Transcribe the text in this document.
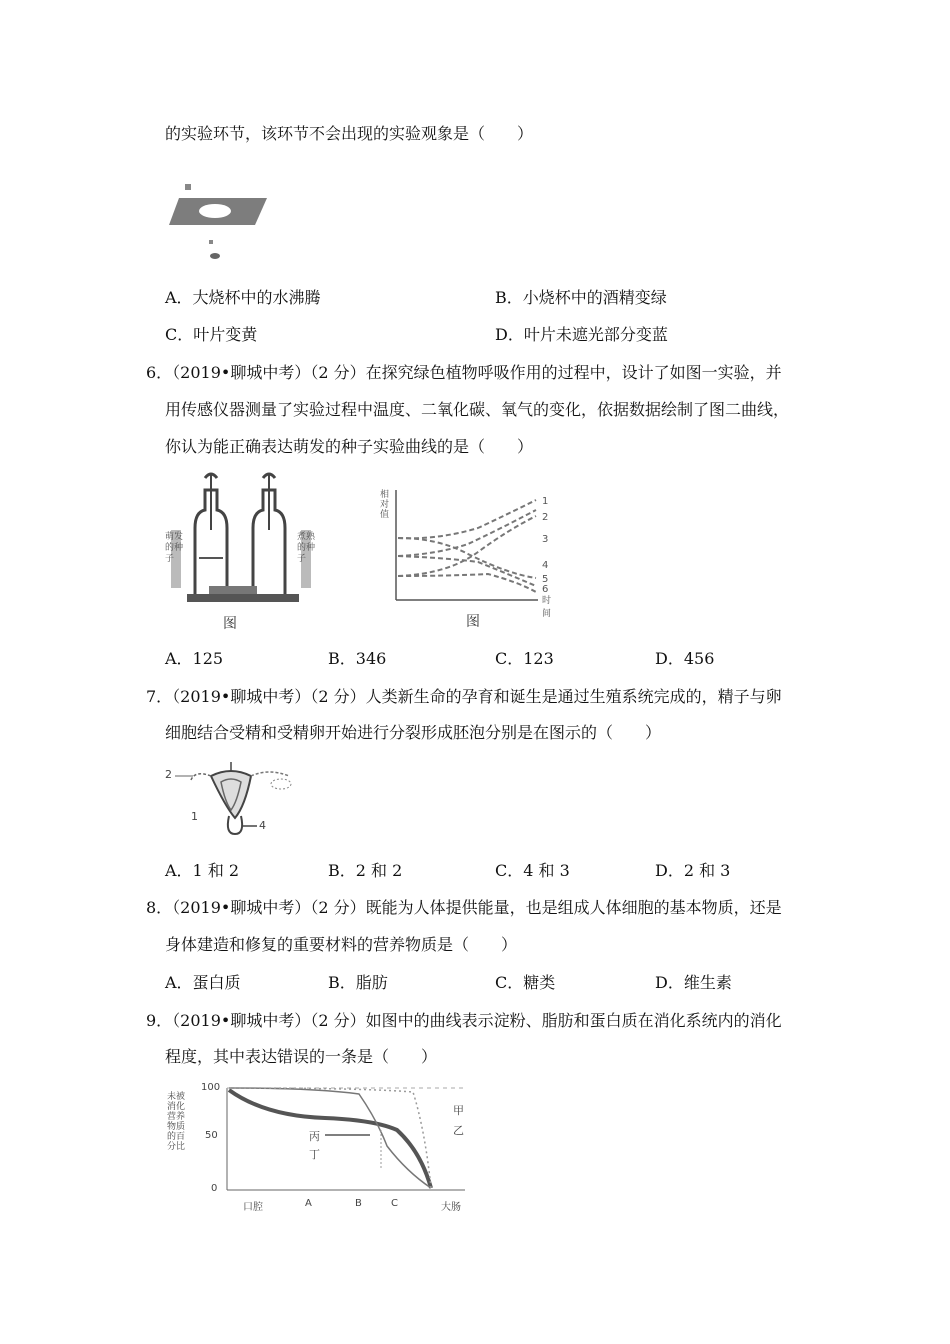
的实验环节，该环节不会出现的实验观象是（　　）
A．大烧杯中的水沸腾	B．小烧杯中的酒精变绿
C．叶片变黄	D．叶片未遮光部分变蓝
6．（2019•聊城中考）（2 分）在探究绿色植物呼吸作用的过程中，设计了如图一实验，并
用传感仪器测量了实验过程中温度、二氧化碳、氧气的变化，依据数据绘制了图二曲线，
你认为能正确表达萌发的种子实验曲线的是（　　）
萌发的种子
煮熟的种子
图
相对值
时间
1
2
3
4
5
6
图
A．125	B．346	C．123	D．456
7．（2019•聊城中考）（2 分）人类新生命的孕育和诞生是通过生殖系统完成的，精子与卵
细胞结合受精和受精卵开始进行分裂形成胚泡分别是在图示的（　　）
2
1
4
A．1 和 2	B．2 和 2	C．4 和 3	D．2 和 3
8．（2019•聊城中考）（2 分）既能为人体提供能量，也是组成人体细胞的基本物质，还是
身体建造和修复的重要材料的营养物质是（　　）
A．蛋白质	B．脂肪	C．糖类	D．维生素
9．（2019•聊城中考）（2 分）如图中的曲线表示淀粉、脂肪和蛋白质在消化系统内的消化
程度，其中表达错误的一条是（　　）
未被消化营养物质的百分比
100
50
0
口腔	A	B	C	大肠
甲
乙
丙
丁
